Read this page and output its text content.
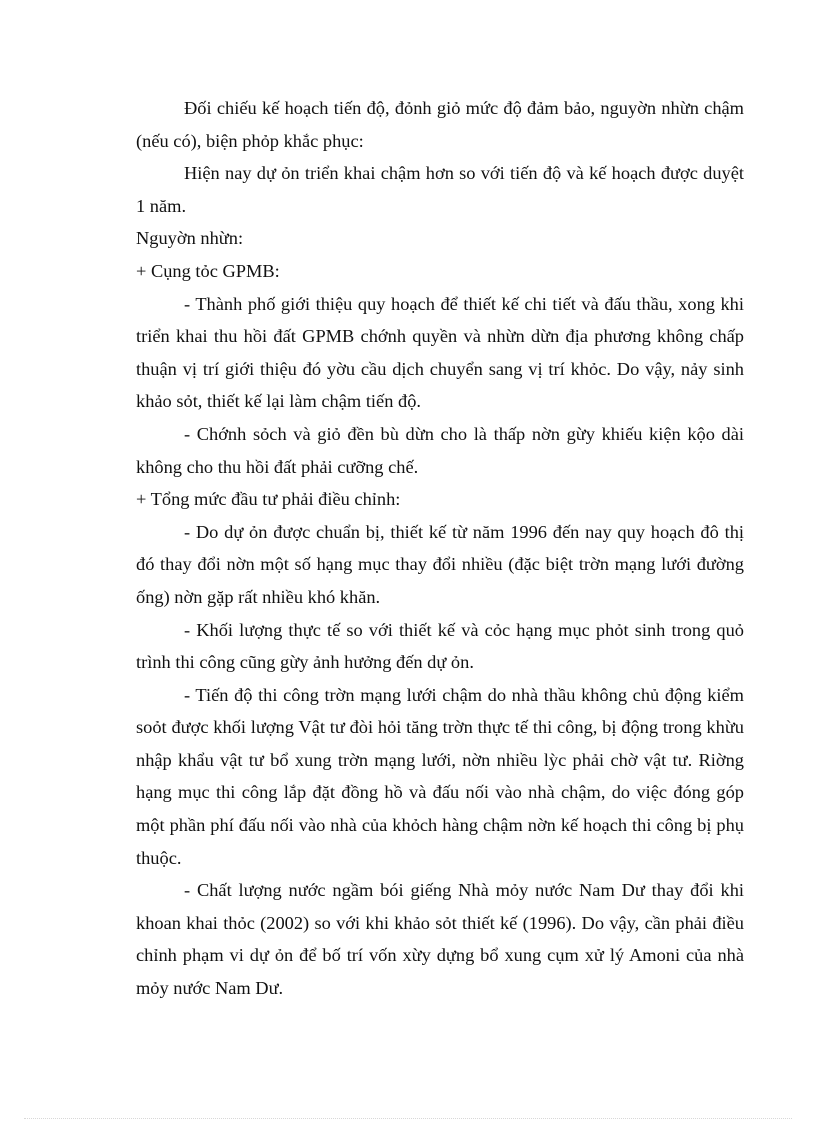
Đối chiếu kế hoạch tiến độ, đỏnh giỏ mức độ đảm bảo, nguyờn nhừn chậm (nếu có), biện phỏp khắc phục:

Hiện nay dự ỏn triển khai chậm hơn so với tiến độ và kế hoạch được duyệt 1 năm.

Nguyờn nhừn:

+ Cụng tỏc GPMB:

- Thành phố giới thiệu quy hoạch để thiết kế chi tiết và đấu thầu, xong khi triển khai thu hồi đất GPMB chớnh quyền và nhừn dừn địa phương không chấp thuận vị trí giới thiệu đó yờu cầu dịch chuyển sang vị trí khỏc. Do vậy, nảy sinh khảo sỏt, thiết kế lại làm chậm tiến độ.

- Chớnh sỏch và giỏ đền bù dừn cho là thấp nờn gừy khiếu kiện kộo dài không cho thu hồi đất phải cưỡng chế.

+ Tổng mức đầu tư phải điều chỉnh:

- Do dự ỏn được chuẩn bị, thiết kế từ năm 1996 đến nay quy hoạch đô thị đó thay đổi nờn một số hạng mục thay đổi nhiều (đặc biệt trờn mạng lưới đường ống) nờn gặp rất nhiều khó khăn.

- Khối lượng thực tế so với thiết kế và cỏc hạng mục phỏt sinh trong quỏ trình thi công cũng gừy ảnh hưởng đến dự ỏn.

- Tiến độ thi công trờn mạng lưới chậm do nhà thầu không chủ động kiểm soỏt được khối lượng Vật tư đòi hỏi tăng trờn thực tế thi công, bị động trong khừu nhập khẩu vật tư bổ xung trờn mạng lưới, nờn nhiều lỳc phải chờ vật tư. Riờng hạng mục thi công lắp đặt đồng hồ và đấu nối vào nhà chậm, do việc đóng góp một phần phí đấu nối vào nhà của khỏch hàng chậm nờn kế hoạch thi công bị phụ thuộc.

- Chất lượng nước ngầm bói giếng Nhà mỏy nước Nam Dư thay đổi khi khoan khai thỏc (2002) so với khi khảo sỏt thiết kế (1996). Do vậy, cần phải điều chỉnh phạm vi dự ỏn để bố trí vốn xừy dựng bổ xung cụm xử lý Amoni của nhà mỏy nước Nam Dư.
